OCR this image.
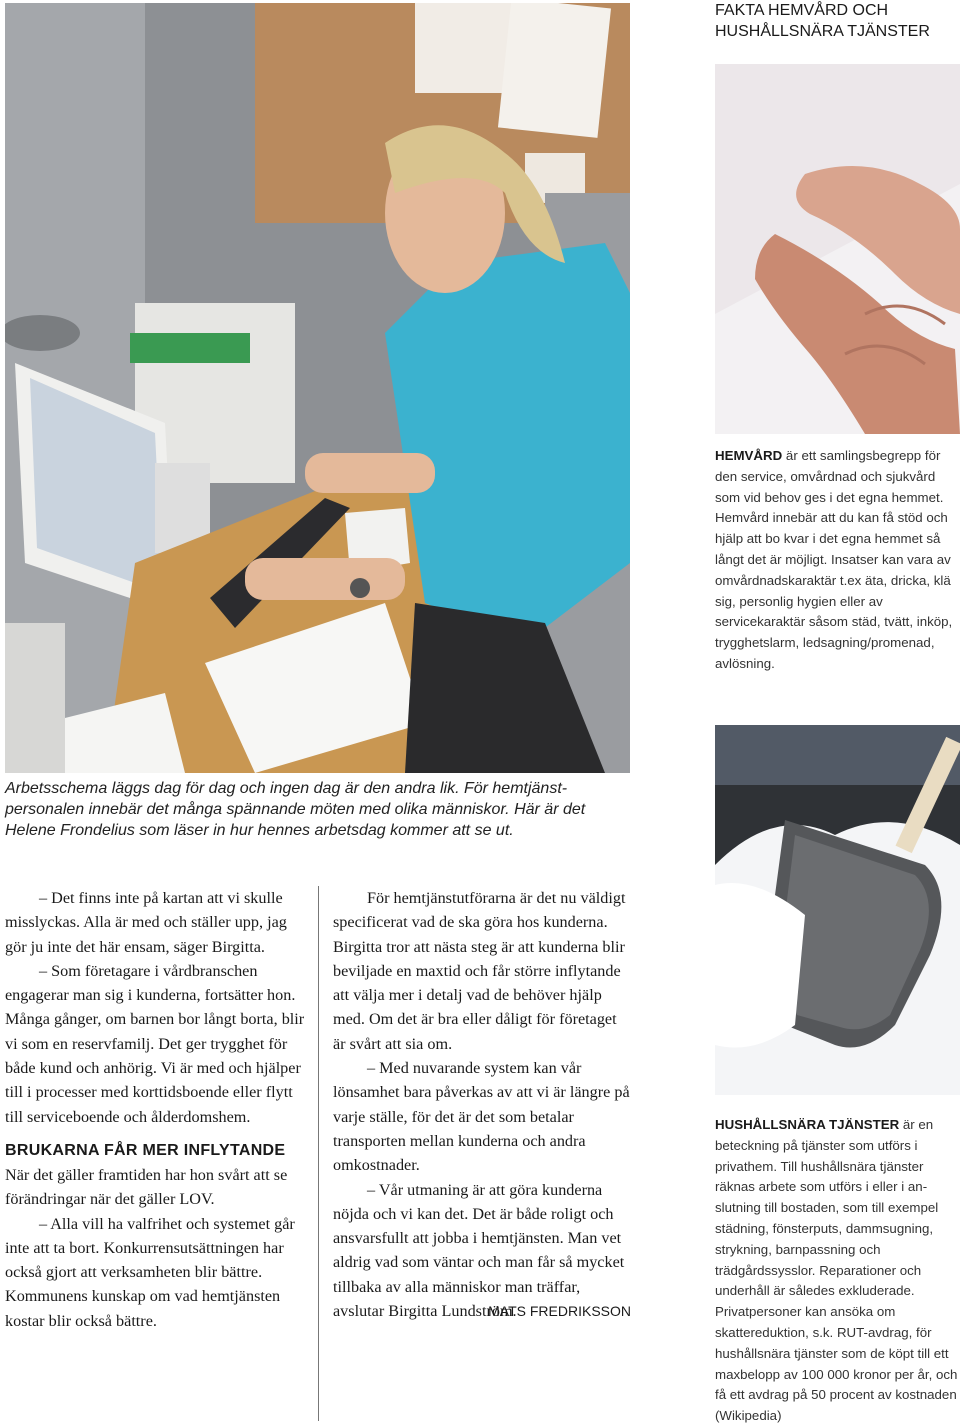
Arbetsschema läggs dag för dag och ingen dag är den andra lik. För hemtjänstpersonalen innebär det många spännande möten med olika människor. Här är det Helene Frondelius som läser in hur hennes arbetsdag kommer att se ut.
FAKTA HEMVÅRD OCH HUSHÅLLSNÄRA TJÄNSTER
HEMVÅRD är ett samlingsbegrepp för den service, omvårdnad och sjukvård som vid behov ges i det egna hemmet. Hemvård innebär att du kan få stöd och hjälp att bo kvar i det egna hemmet så långt det är möjligt. Insatser kan vara av omvårdnadskaraktär t.ex äta, dricka, klä sig, personlig hygien eller av servicekaraktär såsom städ, tvätt, inköp, trygghetslarm, ledsagning/promenad, avlösning.
HUSHÅLLSNÄRA TJÄNSTER är en beteckning på tjänster som utförs i privathem. Till hushållsnära tjänster räknas arbete som utförs i eller i anslutning till bostaden, som till exempel städning, fönsterputs, dammsugning, strykning, barnpassning och trädgårdssysslor. Reparationer och underhåll är således exkluderade. Privatpersoner kan ansöka om skattereduktion, s.k. RUT-avdrag, för hushållsnära tjänster som de köpt till ett maxbelopp av 100 000 kronor per år, och få ett avdrag på 50 procent av kostnaden (Wikipedia)

– Det finns inte på kartan att vi skulle misslyckas. Alla är med och ställer upp, jag gör ju inte det här ensam, säger Birgitta.

– Som företagare i vårdbranschen engagerar man sig i kunderna, fortsätter hon. Många gånger, om barnen bor långt borta, blir vi som en reservfamilj. Det ger trygghet för både kund och anhörig. Vi är med och hjälper till i processer med korttidsboende eller flytt till serviceboende och ålderdomshem.

BRUKARNA FÅR MER INFLYTANDE

När det gäller framtiden har hon svårt att se förändringar när det gäller LOV.

– Alla vill ha valfrihet och systemet går inte att ta bort. Konkurrensutsättningen har också gjort att verksamheten blir bättre. Kommunens kunskap om vad hemtjänsten kostar blir också bättre.

För hemtjänstutförarna är det nu väldigt specificerat vad de ska göra hos kunderna. Birgitta tror att nästa steg är att kunderna blir beviljade en maxtid och får större inflytande att välja mer i detalj vad de behöver hjälp med. Om det är bra eller dåligt för företaget är svårt att sia om.

– Med nuvarande system kan vår lönsamhet bara påverkas av att vi är längre på varje ställe, för det är det som betalar transporten mellan kunderna och andra omkostnader.

– Vår utmaning är att göra kunderna nöjda och vi kan det. Det är både roligt och ansvarsfullt att jobba i hemtjänsten. Man vet aldrig vad som väntar och man får så mycket tillbaka av alla människor man träffar, avslutar Birgitta Lundström.

MATS FREDRIKSSON
